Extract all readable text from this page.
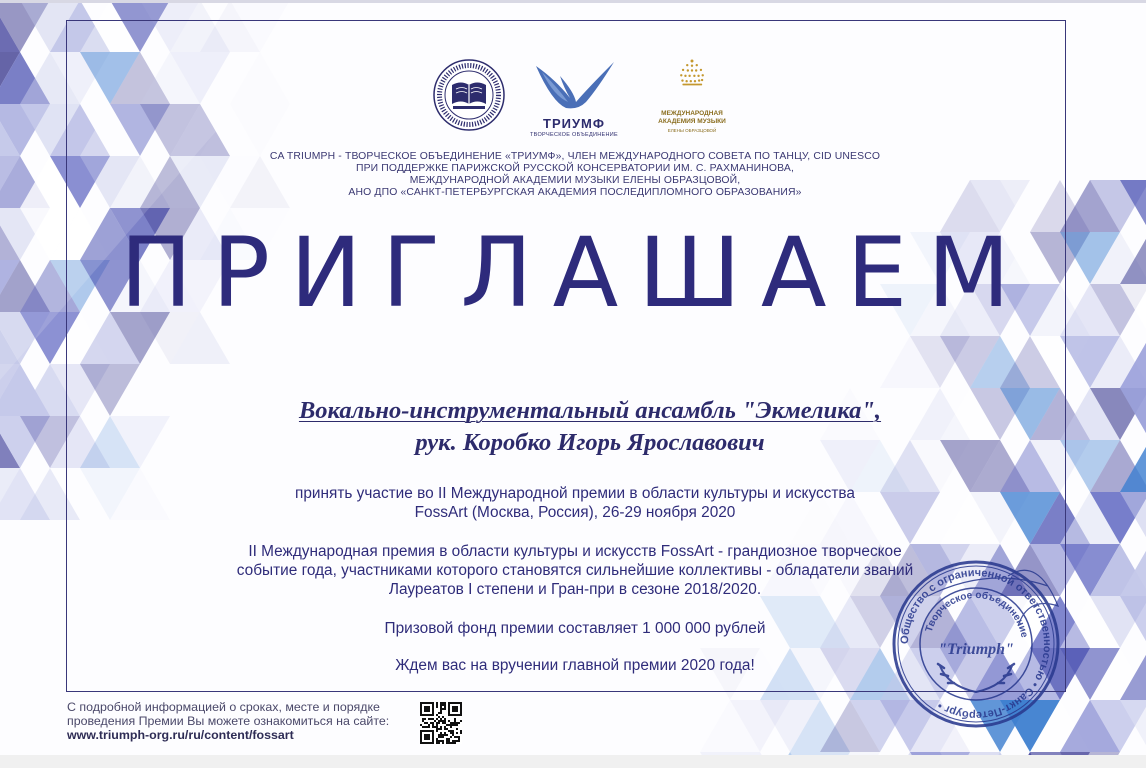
ТРИУМФ
ТВОРЧЕСКОЕ ОБЪЕДИНЕНИЕ
МЕЖДУНАРОДНАЯ АКАДЕМИЯ МУЗЫКИ
ЕЛЕНЫ ОБРАЗЦОВОЙ
CA TRIUMPH - ТВОРЧЕСКОЕ ОБЪЕДИНЕНИЕ «ТРИУМФ», ЧЛЕН МЕЖДУНАРОДНОГО СОВЕТА ПО ТАНЦУ, CID UNESCO
ПРИ ПОДДЕРЖКЕ ПАРИЖСКОЙ РУССКОЙ КОНСЕРВАТОРИИ ИМ. С. РАХМАНИНОВА,
МЕЖДУНАРОДНОЙ АКАДЕМИИ МУЗЫКИ ЕЛЕНЫ ОБРАЗЦОВОЙ,
АНО ДПО «САНКТ-ПЕТЕРБУРГСКАЯ АКАДЕМИЯ ПОСЛЕДИПЛОМНОГО ОБРАЗОВАНИЯ»
ПРИГЛАШАЕМ
Вокально-инструментальный ансамбль "Экмелика",
рук. Коробко Игорь Ярославович
принять участие во II Международной премии в области культуры и искусства
FossArt (Москва, Россия), 26-29 ноября 2020
II Международная премия в области культуры и искусств FossArt - грандиозное творческое
событие года, участниками которого становятся сильнейшие коллективы - обладатели званий
Лауреатов I степени и Гран-при в сезоне 2018/2020.
Призовой фонд премии составляет 1 000 000 рублей
Ждем вас на вручении главной премии 2020 года!
С подробной информацией о сроках, месте и порядке
проведения Премии Вы можете ознакомиться на сайте:
www.triumph-org.ru/ru/content/fossart
Общество с ограниченной ответственностью • Санкт-Петербург •
Творческое объединение
"Triumph"
